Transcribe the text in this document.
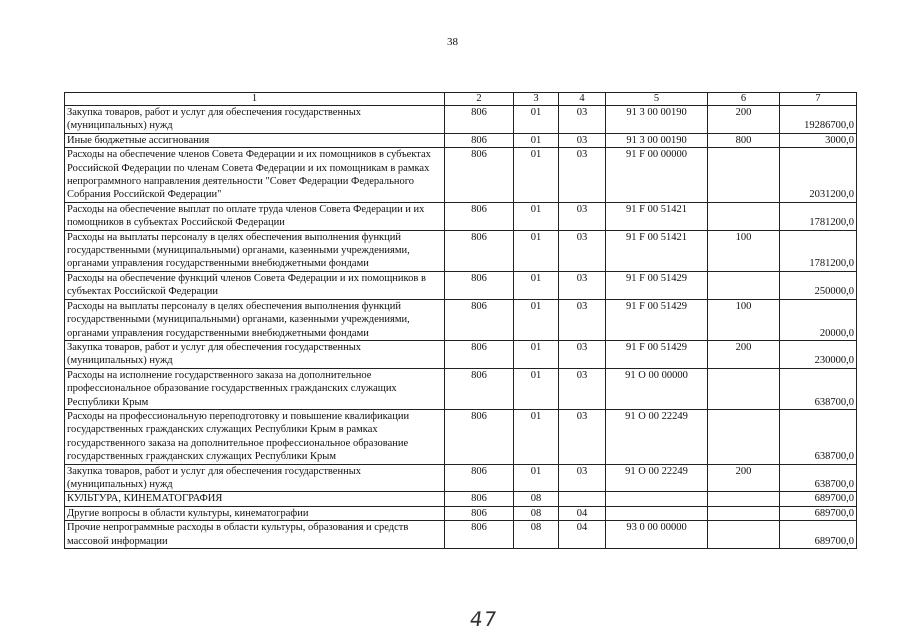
38
1	2	3	4	5	6	7
Закупка товаров, работ и услуг для обеспечения государственных (муниципальных) нужд	806	01	03	91 3 00 00190	200	19286700,0
Иные бюджетные ассигнования	806	01	03	91 3 00 00190	800	3000,0
Расходы на обеспечение членов Совета Федерации и их помощников в субъектах Российской Федерации по членам Совета Федерации и их помощникам в рамках непрограммного направления деятельности "Совет Федерации Федерального Собрания Российской Федерации"	806	01	03	91 F 00 00000		2031200,0
Расходы на обеспечение выплат по оплате труда членов Совета Федерации и их помощников в субъектах Российской Федерации	806	01	03	91 F 00 51421		1781200,0
Расходы на выплаты персоналу в целях обеспечения выполнения функций государственными (муниципальными) органами, казенными учреждениями, органами управления государственными внебюджетными фондами	806	01	03	91 F 00 51421	100	1781200,0
Расходы на обеспечение функций членов Совета Федерации и их помощников в субъектах Российской Федерации	806	01	03	91 F 00 51429		250000,0
Расходы на выплаты персоналу в целях обеспечения выполнения функций государственными (муниципальными) органами, казенными учреждениями, органами управления государственными внебюджетными фондами	806	01	03	91 F 00 51429	100	20000,0
Закупка товаров, работ и услуг для обеспечения государственных (муниципальных) нужд	806	01	03	91 F 00 51429	200	230000,0
Расходы на исполнение государственного заказа на дополнительное профессиональное образование государственных гражданских служащих Республики Крым	806	01	03	91 О 00 00000		638700,0
Расходы на профессиональную переподготовку и повышение квалификации государственных гражданских служащих Республики Крым в рамках государственного заказа на дополнительное профессиональное образование государственных гражданских служащих Республики Крым	806	01	03	91 О 00 22249		638700,0
Закупка товаров, работ и услуг для обеспечения государственных (муниципальных) нужд	806	01	03	91 О 00 22249	200	638700,0
КУЛЬТУРА, КИНЕМАТОГРАФИЯ	806	08				689700,0
Другие вопросы в области культуры, кинематографии	806	08	04			689700,0
Прочие непрограммные расходы в области культуры, образования и средств массовой информации	806	08	04	93 0 00 00000		689700,0
47
